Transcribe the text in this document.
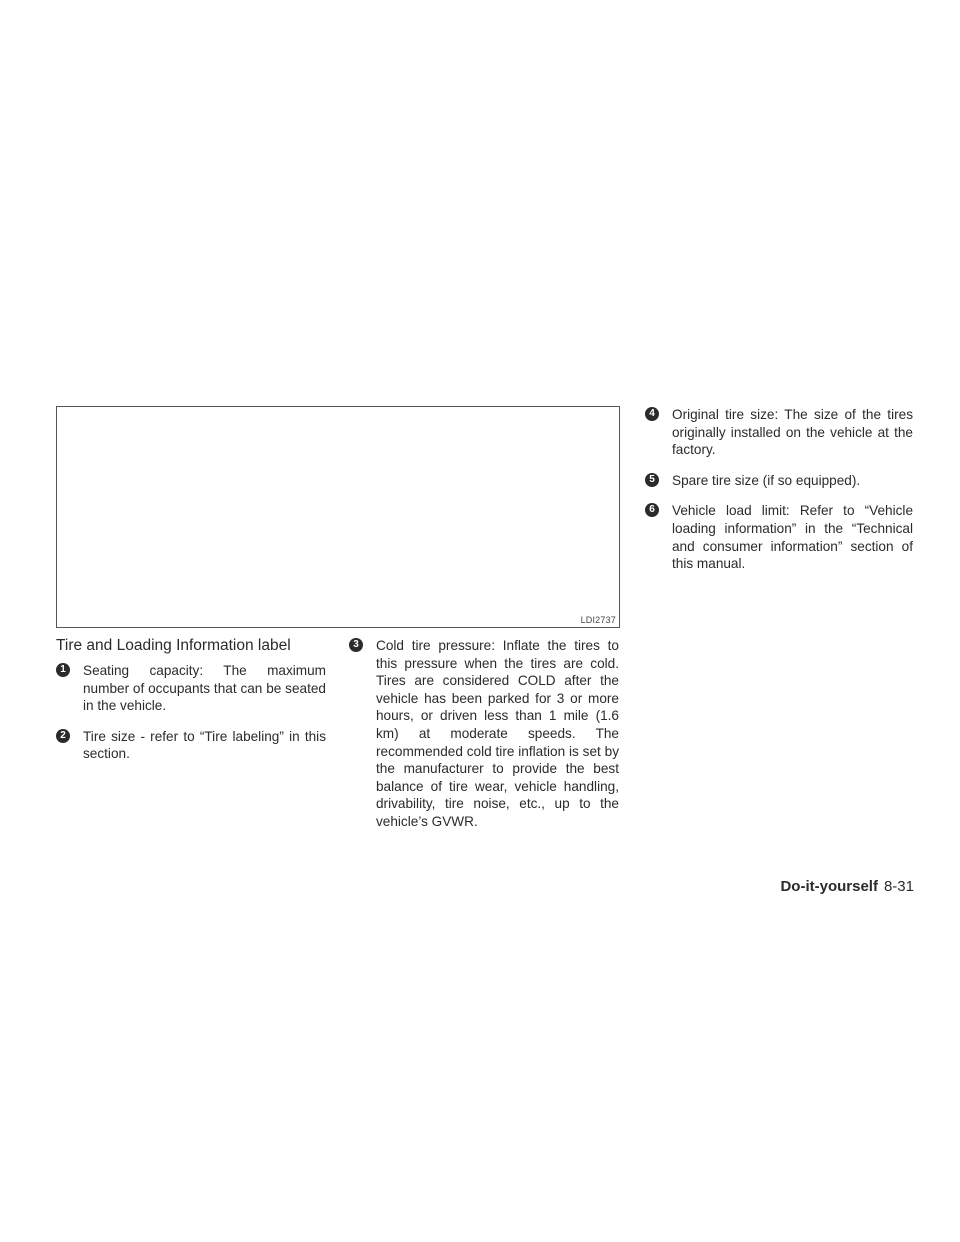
LDI2737
Tire and Loading Information label
1	Seating capacity: The maximum number of occupants that can be seated in the vehicle.
2	Tire size - refer to “Tire labeling” in this section.
3	Cold tire pressure: Inflate the tires to this pressure when the tires are cold. Tires are considered COLD after the vehicle has been parked for 3 or more hours, or driven less than 1 mile (1.6 km) at moderate speeds. The recommended cold tire inflation is set by the manufacturer to provide the best balance of tire wear, vehicle handling, drivability, tire noise, etc., up to the vehicle’s GVWR.
4	Original tire size: The size of the tires originally installed on the vehicle at the factory.
5	Spare tire size (if so equipped).
6	Vehicle load limit: Refer to “Vehicle loading information” in the “Technical and consumer information” section of this manual.
Do-it-yourself 8-31
